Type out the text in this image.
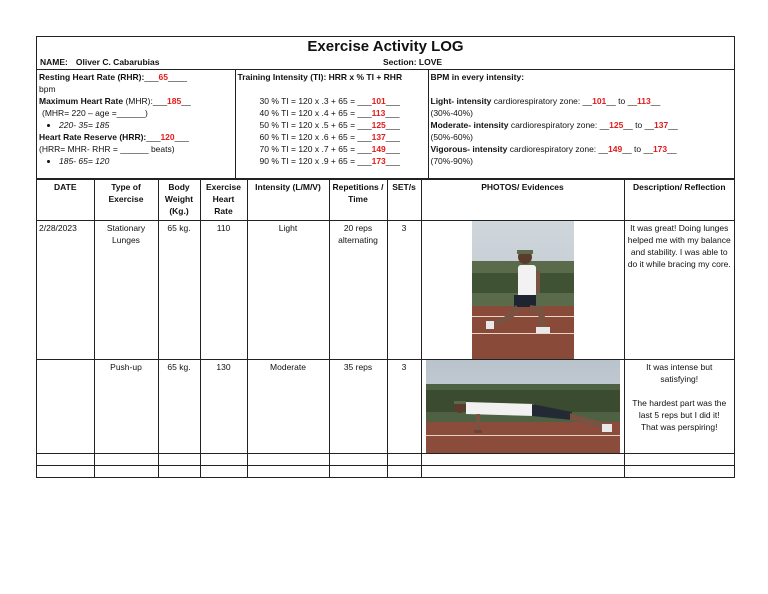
Exercise Activity LOG
NAME: Oliver C. Cabarubias	Section: LOVE
Resting Heart Rate (RHR):___65____
bpm
Maximum Heart Rate (MHR):___185__
(MHR= 220 – age =______)
• 220- 35= 185
Heart Rate Reserve (HRR):___120___
(HRR= MHR- RHR = ______ beats)
• 185- 65= 120

Training Intensity (TI): HRR x % TI + RHR
30 % TI = 120 x .3 + 65 = ___101___
40 % TI = 120 x .4 + 65 = ___113___
50 % TI = 120 x .5 + 65 = ___125___
60 % TI = 120 x .6 + 65 = ___137___
70 % TI = 120 x .7 + 65 = ___149___
90 % TI = 120 x .9 + 65 = ___173___

BPM in every intensity:
Light- intensity cardiorespiratory zone: __101__ to __113__
(30%-40%)
Moderate- intensity cardiorespiratory zone: __125__ to __137__
(50%-60%)
Vigorous- intensity cardiorespiratory zone: __149__ to __173__
(70%-90%)
DATE	Type of Exercise	Body Weight (Kg.)	Exercise Heart Rate	Intensity (L/M/V)	Repetitions / Time	SET/s	PHOTOS/ Evidences	Description/ Reflection
2/28/2023	Stationary Lunges	65 kg.	110	Light	20 reps alternating	3		It was great! Doing lunges helped me with my balance and stability. I was able to do it while bracing my core.
	Push-up	65 kg.	130	Moderate	35 reps	3		It was intense but satisfying!
The hardest part was the last 5 reps but I did it!
That was perspiring!
